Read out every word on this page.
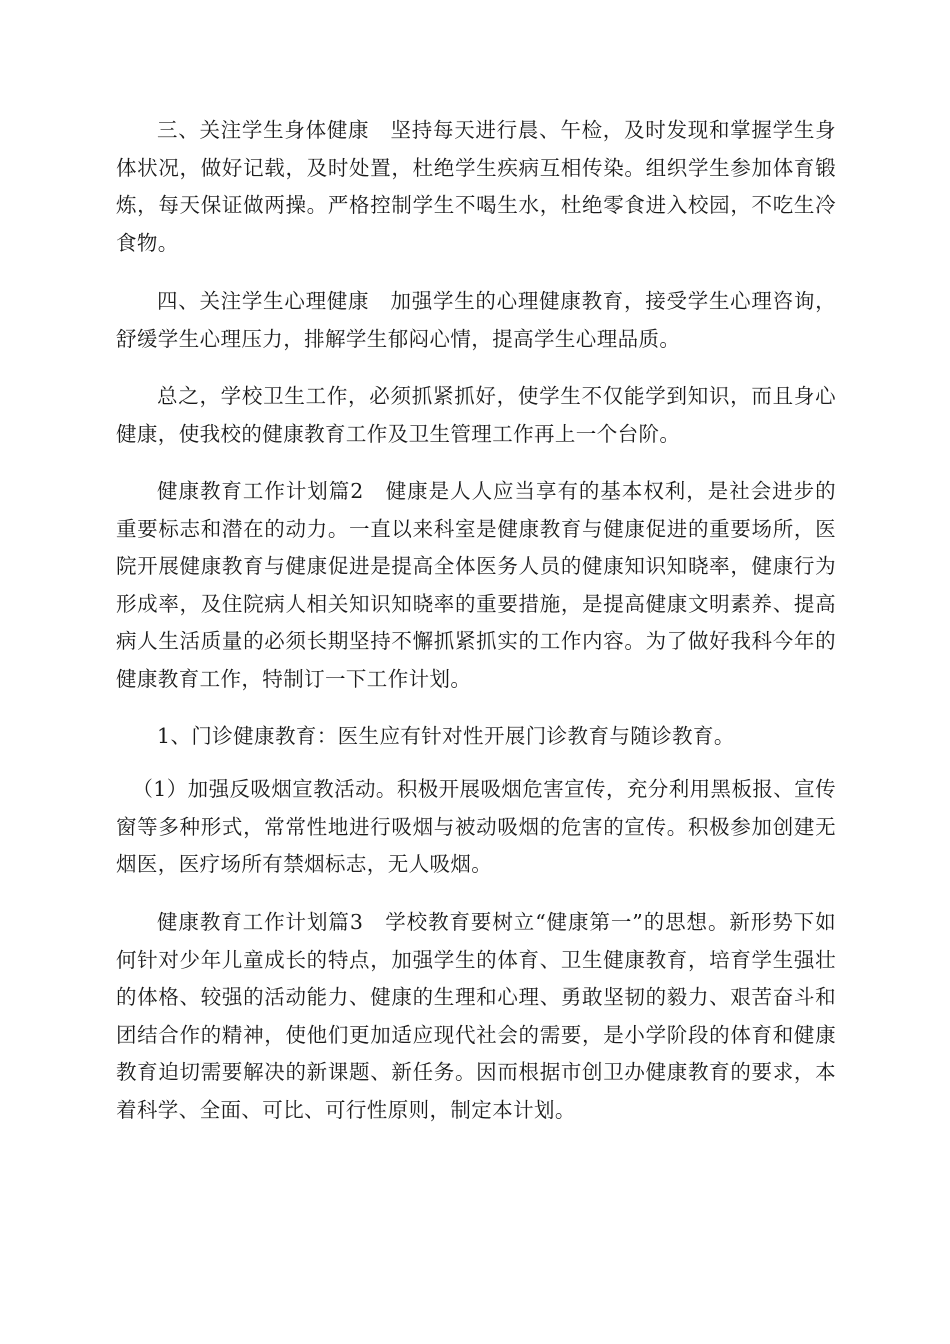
三、关注学生身体健康　坚持每天进行晨、午检，及时发现和掌握学生身体状况，做好记载，及时处置，杜绝学生疾病互相传染。组织学生参加体育锻炼，每天保证做两操。严格控制学生不喝生水，杜绝零食进入校园，不吃生冷食物。

四、关注学生心理健康　加强学生的心理健康教育，接受学生心理咨询，舒缓学生心理压力，排解学生郁闷心情，提高学生心理品质。

总之，学校卫生工作，必须抓紧抓好，使学生不仅能学到知识，而且身心健康，使我校的健康教育工作及卫生管理工作再上一个台阶。

健康教育工作计划篇2　健康是人人应当享有的基本权利，是社会进步的重要标志和潜在的动力。一直以来科室是健康教育与健康促进的重要场所，医院开展健康教育与健康促进是提高全体医务人员的健康知识知晓率，健康行为形成率，及住院病人相关知识知晓率的重要措施，是提高健康文明素养、提高病人生活质量的必须长期坚持不懈抓紧抓实的工作内容。为了做好我科今年的健康教育工作，特制订一下工作计划。

1、门诊健康教育：医生应有针对性开展门诊教育与随诊教育。

（1）加强反吸烟宣教活动。积极开展吸烟危害宣传，充分利用黑板报、宣传窗等多种形式，常常性地进行吸烟与被动吸烟的危害的宣传。积极参加创建无烟医，医疗场所有禁烟标志，无人吸烟。

健康教育工作计划篇3　学校教育要树立“健康第一”的思想。新形势下如何针对少年儿童成长的特点，加强学生的体育、卫生健康教育，培育学生强壮的体格、较强的活动能力、健康的生理和心理、勇敢坚韧的毅力、艰苦奋斗和团结合作的精神，使他们更加适应现代社会的需要，是小学阶段的体育和健康教育迫切需要解决的新课题、新任务。因而根据市创卫办健康教育的要求，本着科学、全面、可比、可行性原则，制定本计划。
